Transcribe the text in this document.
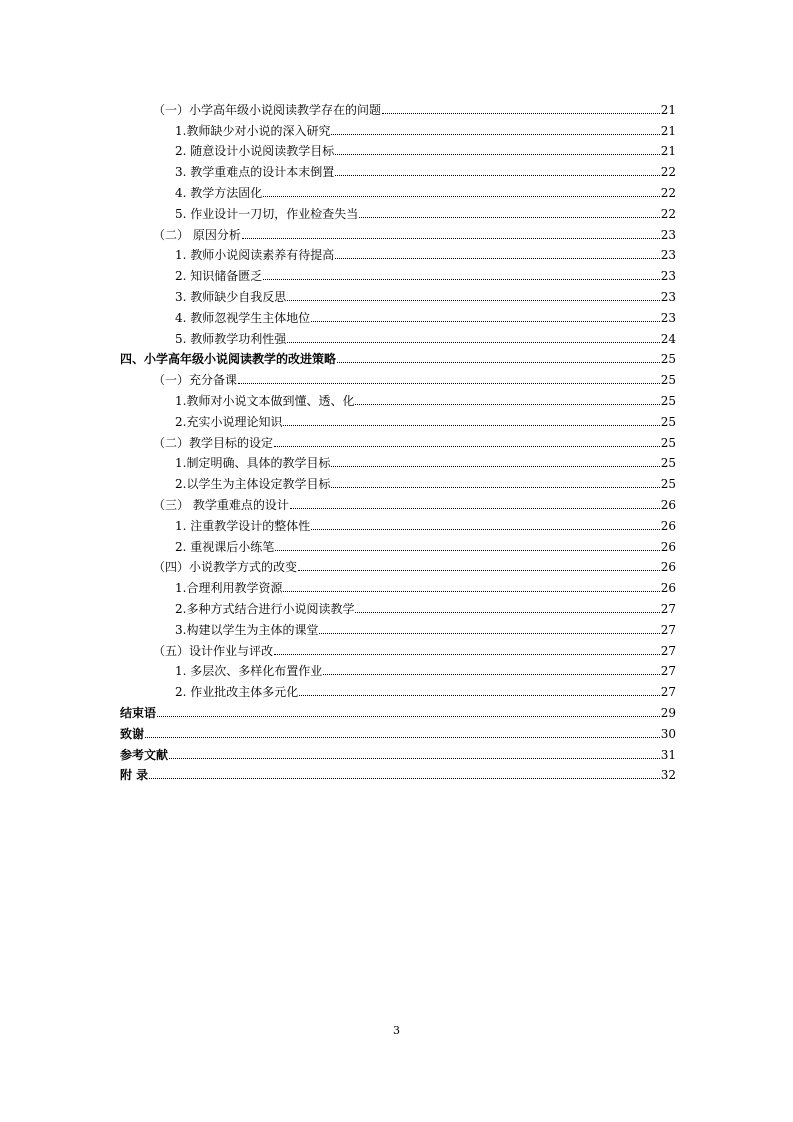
（一）小学高年级小说阅读教学存在的问题	21
1.教师缺少对小说的深入研究	21
2. 随意设计小说阅读教学目标	21
3. 教学重难点的设计本末倒置	22
4. 教学方法固化	22
5. 作业设计一刀切，作业检查失当	22
（二） 原因分析	23
1. 教师小说阅读素养有待提高	23
2. 知识储备匮乏	23
3. 教师缺少自我反思	23
4. 教师忽视学生主体地位	23
5. 教师教学功利性强	24
四、小学高年级小说阅读教学的改进策略	25
（一）充分备课	25
1.教师对小说文本做到懂、透、化	25
2.充实小说理论知识	25
（二）教学目标的设定	25
1.制定明确、具体的教学目标	25
2.以学生为主体设定教学目标	25
（三） 教学重难点的设计	26
1. 注重教学设计的整体性	26
2. 重视课后小练笔	26
（四）小说教学方式的改变	26
1.合理利用教学资源	26
2.多种方式结合进行小说阅读教学	27
3.构建以学生为主体的课堂	27
（五）设计作业与评改	27
1. 多层次、多样化布置作业	27
2. 作业批改主体多元化	27
结束语	29
致谢	30
参考文献	31
附 录	32
3
